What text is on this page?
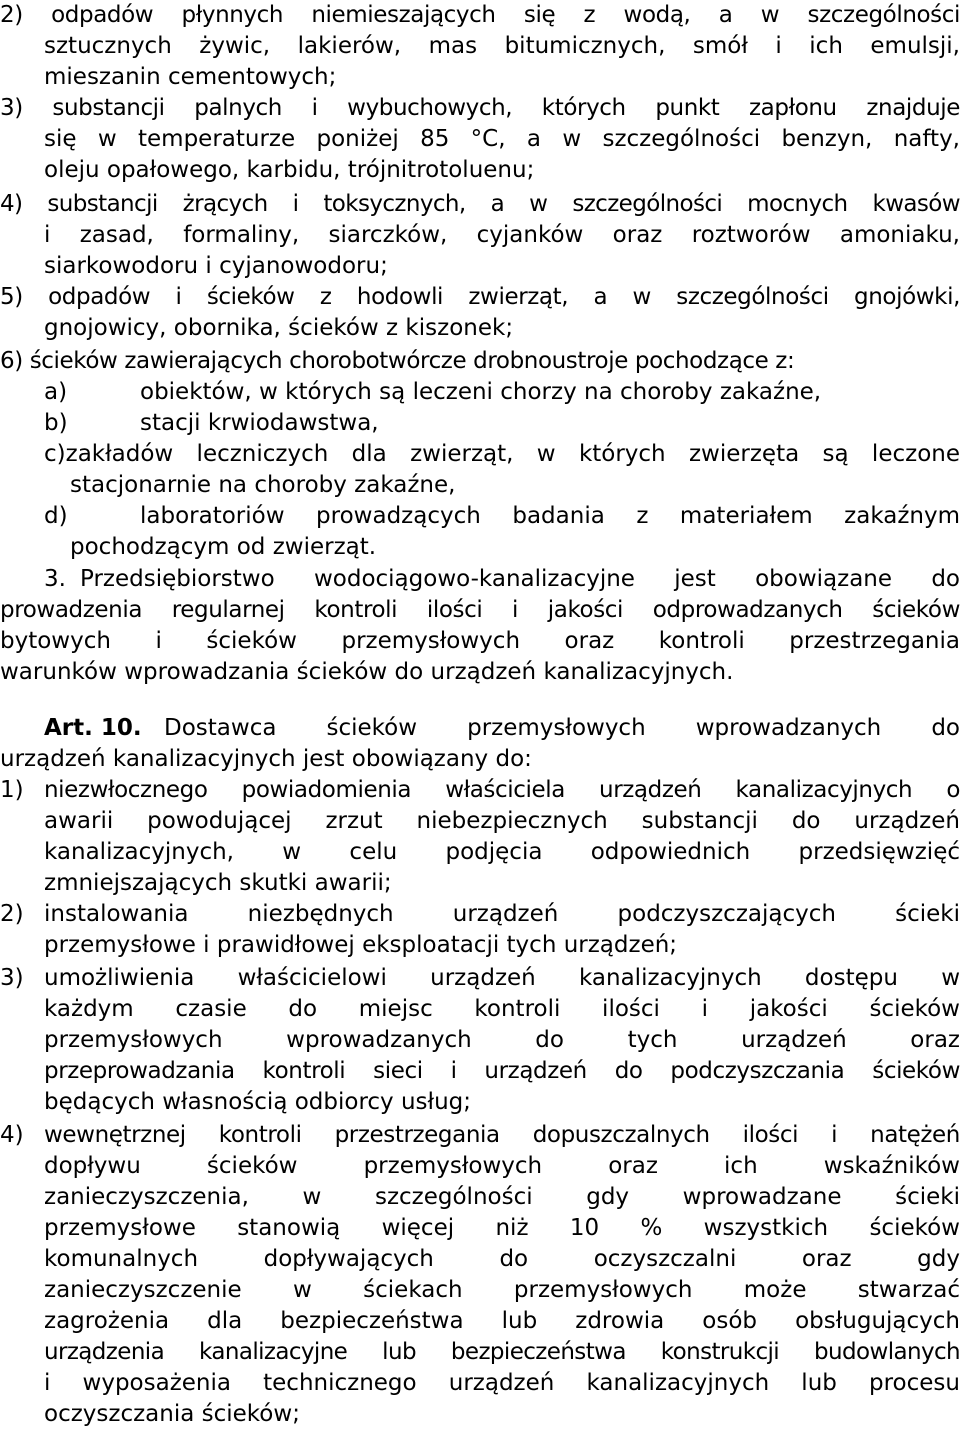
2) odpadów płynnych niemieszających się z wodą, a w szczególności
sztucznych żywic, lakierów, mas bitumicznych, smół i ich emulsji,
mieszanin cementowych;
3) substancji palnych i wybuchowych, których punkt zapłonu znajduje
się w temperaturze poniżej 85 °C, a w szczególności benzyn, nafty,
oleju opałowego, karbidu, trójnitrotoluenu;
4) substancji żrących i toksycznych, a w szczególności mocnych kwasów
i zasad, formaliny, siarczków, cyjanków oraz roztworów amoniaku,
siarkowodoru i cyjanowodoru;
5) odpadów i ścieków z hodowli zwierząt, a w szczególności gnojówki,
gnojowicy, obornika, ścieków z kiszonek;
6) ścieków zawierających chorobotwórcze drobnoustroje pochodzące z:
a)	obiektów, w których są leczeni chorzy na choroby zakaźne,
b)	stacji krwiodawstwa,
c)zakładów leczniczych dla zwierząt, w których zwierzęta są leczone
stacjonarnie na choroby zakaźne,
d)	laboratoriów prowadzących badania z materiałem zakaźnym
pochodzącym od zwierząt.
3. Przedsiębiorstwo wodociągowo-kanalizacyjne jest obowiązane do
prowadzenia regularnej kontroli ilości i jakości odprowadzanych ścieków
bytowych i ścieków przemysłowych oraz kontroli przestrzegania
warunków wprowadzania ścieków do urządzeń kanalizacyjnych.
Art. 10. Dostawca ścieków przemysłowych wprowadzanych do
urządzeń kanalizacyjnych jest obowiązany do:
1) niezwłocznego powiadomienia właściciela urządzeń kanalizacyjnych o
awarii powodującej zrzut niebezpiecznych substancji do urządzeń
kanalizacyjnych, w celu podjęcia odpowiednich przedsięwzięć
zmniejszających skutki awarii;
2) instalowania niezbędnych urządzeń podczyszczających ścieki
przemysłowe i prawidłowej eksploatacji tych urządzeń;
3) umożliwienia właścicielowi urządzeń kanalizacyjnych dostępu w
każdym czasie do miejsc kontroli ilości i jakości ścieków
przemysłowych wprowadzanych do tych urządzeń oraz
przeprowadzania kontroli sieci i urządzeń do podczyszczania ścieków
będących własnością odbiorcy usług;
4) wewnętrznej kontroli przestrzegania dopuszczalnych ilości i natężeń
dopływu ścieków przemysłowych oraz ich wskaźników
zanieczyszczenia, w szczególności gdy wprowadzane ścieki
przemysłowe stanowią więcej niż 10 % wszystkich ścieków
komunalnych dopływających do oczyszczalni oraz gdy
zanieczyszczenie w ściekach przemysłowych może stwarzać
zagrożenia dla bezpieczeństwa lub zdrowia osób obsługujących
urządzenia kanalizacyjne lub bezpieczeństwa konstrukcji budowlanych
i wyposażenia technicznego urządzeń kanalizacyjnych lub procesu
oczyszczania ścieków;
